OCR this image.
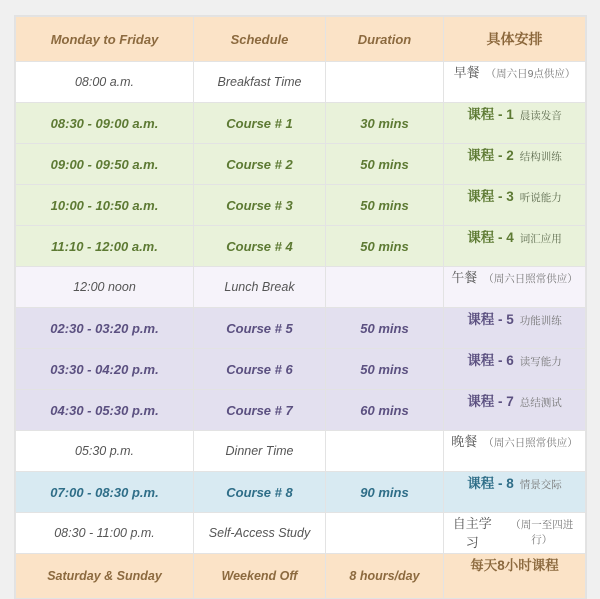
Monday to Friday	Schedule	Duration	具体安排

08:00 a.m.	Breakfast Time		早餐 （周六日9点供应）

08:30 - 09:00 a.m.	Course # 1	30 mins	课程 - 1 晨读发音

09:00 - 09:50 a.m.	Course # 2	50 mins	课程 - 2 结构训练

10:00 - 10:50 a.m.	Course # 3	50 mins	课程 - 3 听说能力

11:10 - 12:00 a.m.	Course # 4	50 mins	课程 - 4 词汇应用

12:00 noon	Lunch Break		午餐 （周六日照常供应）

02:30 - 03:20 p.m.	Course # 5	50 mins	课程 - 5 功能训练

03:30 - 04:20 p.m.	Course # 6	50 mins	课程 - 6 读写能力

04:30 - 05:30 p.m.	Course # 7	60 mins	课程 - 7 总结测试

05:30 p.m.	Dinner Time		晚餐 （周六日照常供应）

07:00 - 08:30 p.m.	Course # 8	90 mins	课程 - 8 情景交际

08:30 - 11:00 p.m.	Self-Access Study		自主学习
（周一至四进行）

Saturday & Sunday	Weekend Off	8 hours/day	每天8小时课程
